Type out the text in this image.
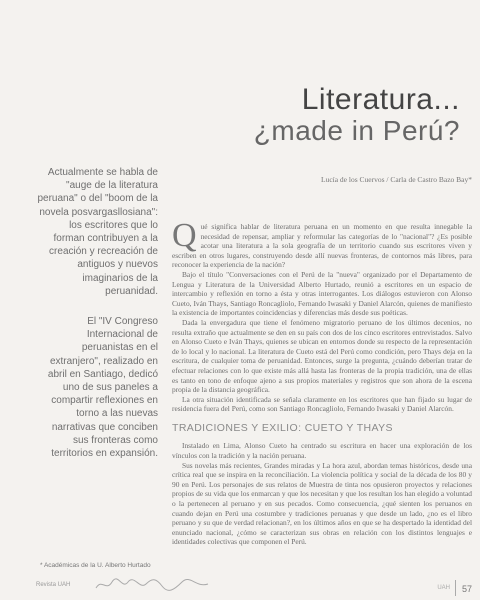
Literatura...
¿made in Perú?
Lucía de los Cuervos / Carla de Castro Bazo Bay*

Actualmente se habla de "auge de la literatura peruana" o del "boom de la novela posvargasllosiana": los escritores que lo forman contribuyen a la creación y recreación de antiguos y nuevos imaginarios de la peruanidad.

El "IV Congreso Internacional de peruanistas en el extranjero", realizado en abril en Santiago, dedicó uno de sus paneles a compartir reflexiones en torno a las nuevas narrativas que conciben sus fronteras como territorios en expansión.

* Académicas de la U. Alberto Hurtado

Qué significa hablar de literatura peruana en un momento en que resulta innegable la necesidad de repensar, ampliar y reformular las categorías de lo "nacional"? ¿Es posible acotar una literatura a la sola geografía de un territorio cuando sus escritores viven y escriben en otros lugares, construyendo desde allí nuevas fronteras, de contornos más libres, para reconocer la experiencia de la nación?

Bajo el título "Conversaciones con el Perú de la "nueva" organizado por el Departamento de Lengua y Literatura de la Universidad Alberto Hurtado, reunió a escritores en un espacio de intercambio y reflexión en torno a ésta y otras interrogantes. Los diálogos estuvieron con Alonso Cueto, Iván Thays, Santiago Roncagliolo, Fernando Iwasaki y Daniel Alarcón, quienes de manifiesto la existencia de importantes coincidencias y diferencias más desde sus poéticas.

Dada la envergadura que tiene el fenómeno migratorio peruano de los últimos decenios, no resulta extraño que actualmente se den en su país con dos de los cinco escritores entrevistados. Salvo en Alonso Cueto e Iván Thays, quienes se ubican en entornos donde su respecto de la representación de lo local y lo nacional. La literatura de Cueto está del Perú como condición, pero Thays deja en la escritura, de cualquier toma de peruanidad. Entonces, surge la pregunta, ¿cuándo deberían tratar de efectuar relaciones con lo que existe más allá hasta las fronteras de la propia tradición, una de ellas es tanto en tono de enfoque ajeno a sus propios materiales y registros que son ahora de la escena propia de la distancia geográfica.

La otra situación identificada se señala claramente en los escritores que han fijado su lugar de residencia fuera del Perú, como son Santiago Roncagliolo, Fernando Iwasaki y Daniel Alarcón.

TRADICIONES Y EXILIO: CUETO Y THAYS

Instalado en Lima, Alonso Cueto ha centrado su escritura en hacer una exploración de los vínculos con la tradición y la nación peruana.

Sus novelas más recientes, Grandes miradas y La hora azul, abordan temas históricos, desde una crítica real que se inspira en la reconciliación. La violencia política y social de la década de los 80 y 90 en Perú. Los personajes de sus relatos de Muestra de tinta nos opusieron proyectos y relaciones propios de su vida que los enmarcan y que los necesitan y que los resultan los han elegido a voluntad o la pertenecen al peruano y en sus pecados. Como consecuencia, ¿qué sienten los peruanos en cuando dejan en Perú una costumbre y tradiciones peruanas y que desde un lado, ¿no es el libro peruano y su que de verdad relacionan?, en los últimos años en que se ha despertado la identidad del enunciado nacional, ¿cómo se caracterizan sus obras en relación con los distintos lenguajes e identidades colectivas que componen el Perú.

Revista UAH	UAH 57
